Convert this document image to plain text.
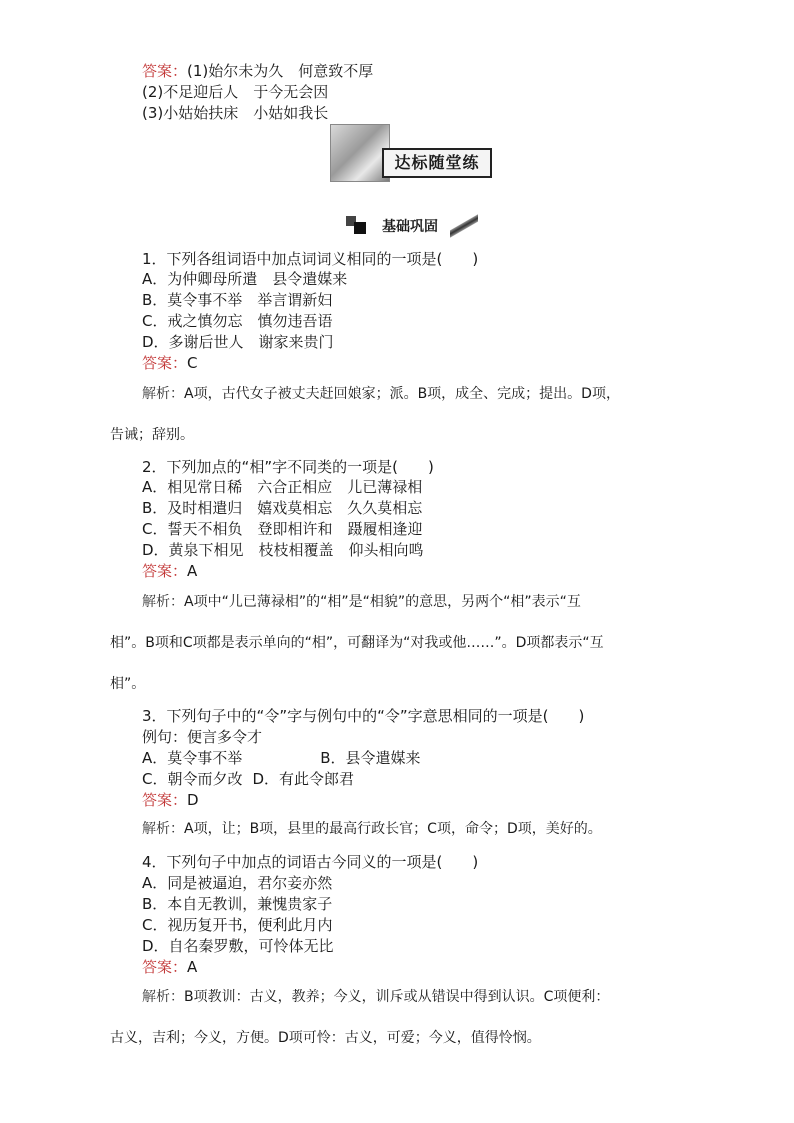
答案：(1)始尔未为久　何意致不厚
(2)不足迎后人　于今无会因
(3)小姑始扶床　小姑如我长
达标随堂练
基础巩固
1．下列各组词语中加点词词义相同的一项是(　　)
A．为仲卿母所遣　县令遣媒来
B．莫令事不举　举言谓新妇
C．戒之慎勿忘　慎勿违吾语
D．多谢后世人　谢家来贵门
答案：C
解析：A项，古代女子被丈夫赶回娘家；派。B项，成全、完成；提出。D项，
告诫；辞别。
2．下列加点的“相”字不同类的一项是(　　)
A．相见常日稀　六合正相应　儿已薄禄相
B．及时相遣归　嬉戏莫相忘　久久莫相忘
C．誓天不相负　登即相许和　蹑履相逢迎
D．黄泉下相见　枝枝相覆盖　仰头相向鸣
答案：A
解析：A项中“儿已薄禄相”的“相”是“相貌”的意思，另两个“相”表示“互
相”。B项和C项都是表示单向的“相”，可翻译为“对我或他……”。D项都表示“互
相”。
3．下列句子中的“令”字与例句中的“令”字意思相同的一项是(　　)
例句：便言多令才
A．莫令事不举	B．县令遣媒来
C．朝令而夕改 D．有此令郎君
答案：D
解析：A项，让；B项，县里的最高行政长官；C项，命令；D项，美好的。
4．下列句子中加点的词语古今同义的一项是(　　)
A．同是被逼迫，君尔妾亦然
B．本自无教训，兼愧贵家子
C．视历复开书，便利此月内
D．自名秦罗敷，可怜体无比
答案：A
解析：B项教训：古义，教养；今义，训斥或从错误中得到认识。C项便利：
古义，吉利；今义，方便。D项可怜：古义，可爱；今义，值得怜悯。
